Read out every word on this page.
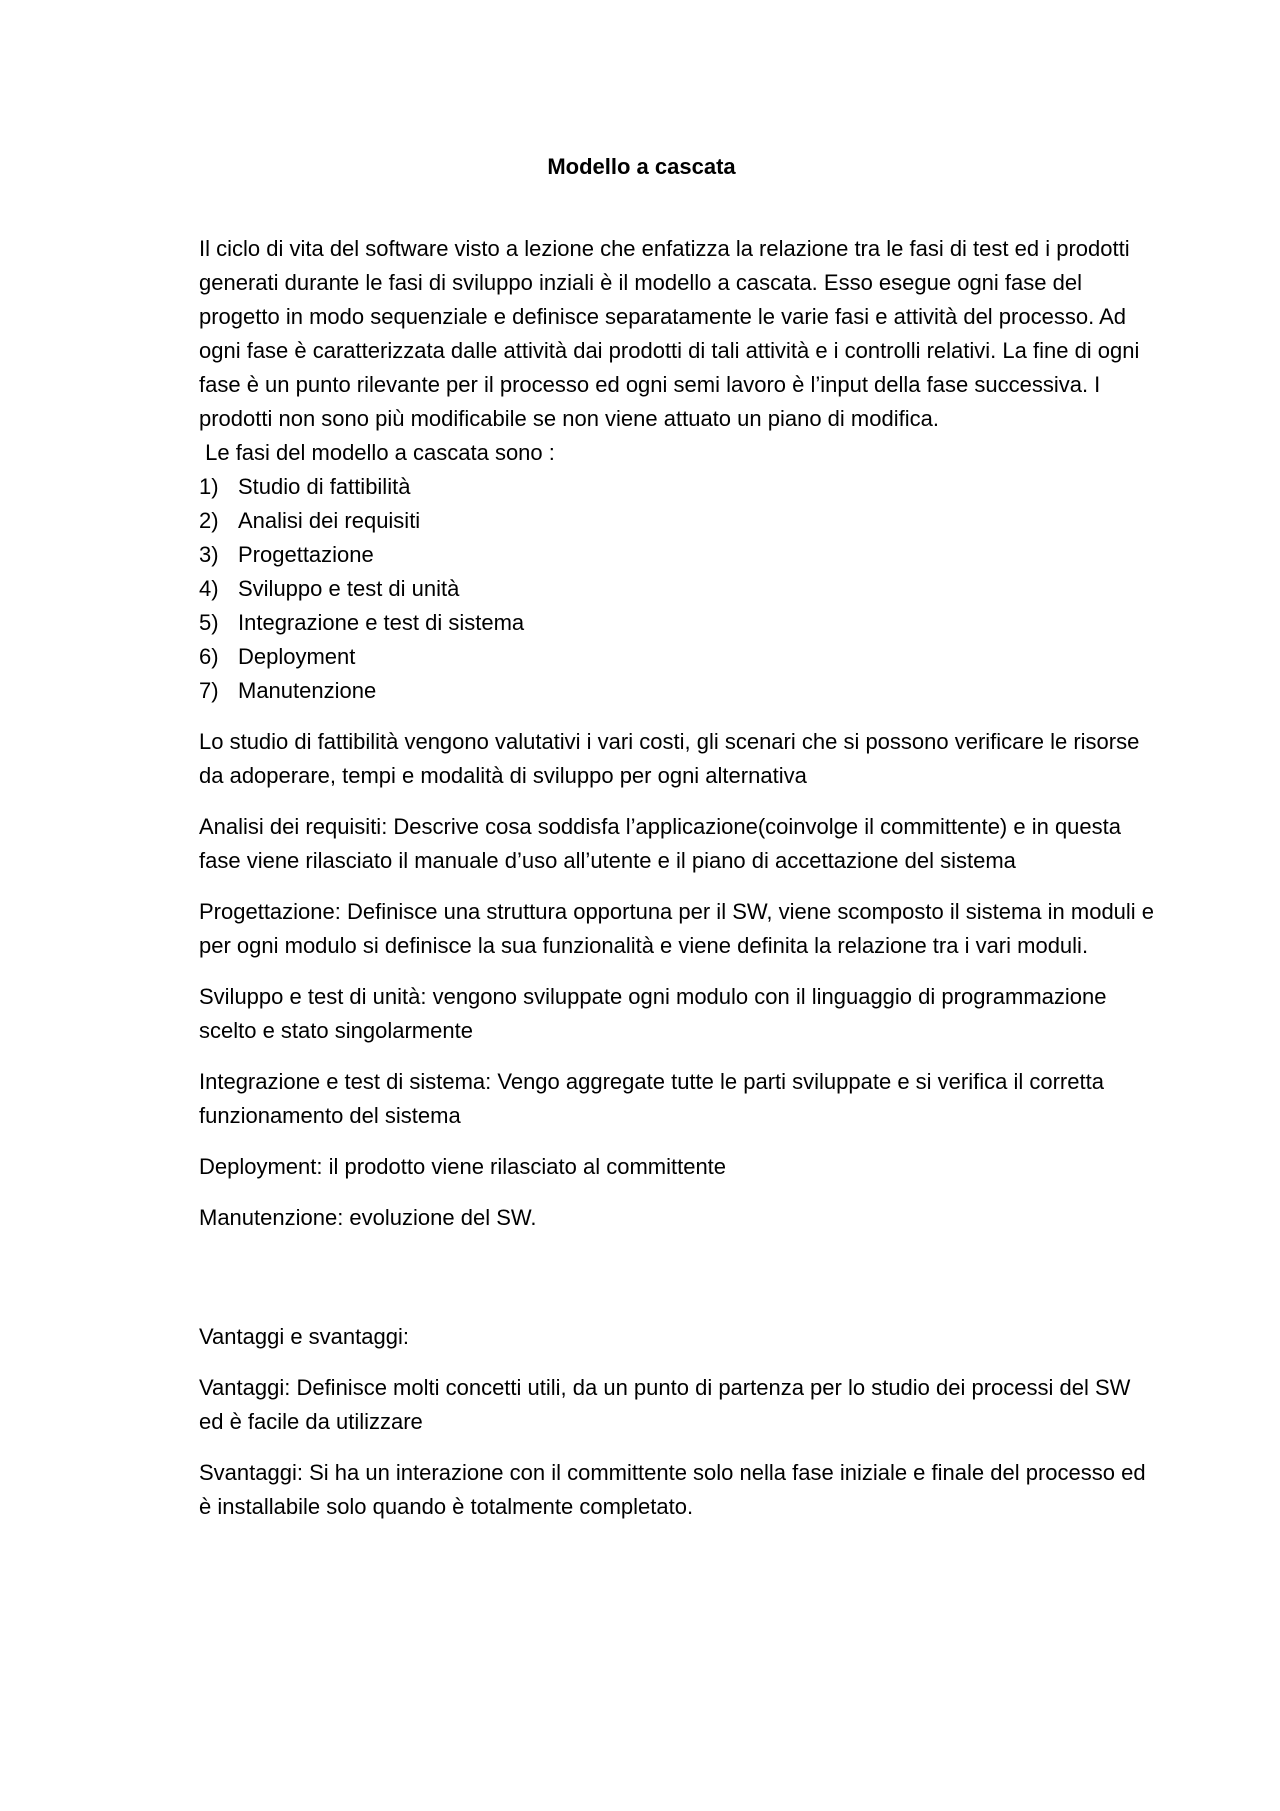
Modello a cascata

Il ciclo di vita del software visto a lezione che enfatizza la relazione tra le fasi di test ed i prodotti generati durante le fasi di sviluppo inziali è il modello a cascata. Esso esegue ogni fase del progetto in modo sequenziale e definisce separatamente le varie fasi e attività del processo. Ad ogni fase è caratterizzata dalle attività dai prodotti di tali attività e i controlli relativi. La fine di ogni fase è un punto rilevante per il processo ed ogni semi lavoro è l’input della fase successiva. I prodotti non sono più modificabile se non viene attuato un piano di modifica.

Le fasi del modello a cascata sono :

1) Studio di fattibilità
2) Analisi dei requisiti
3) Progettazione
4) Sviluppo e test di unità
5) Integrazione e test di sistema
6) Deployment
7) Manutenzione

Lo studio di fattibilità vengono valutativi i vari costi, gli scenari che si possono verificare le risorse da adoperare, tempi e modalità di sviluppo per ogni alternativa

Analisi dei requisiti: Descrive cosa soddisfa l’applicazione(coinvolge il committente) e in questa fase viene rilasciato il manuale d’uso all’utente e il piano di accettazione del sistema

Progettazione: Definisce una struttura opportuna per il SW, viene scomposto il sistema in moduli e per ogni modulo si definisce la sua funzionalità e viene definita la relazione tra i vari moduli.

Sviluppo e test di unità: vengono sviluppate ogni modulo con il linguaggio di programmazione scelto e stato singolarmente

Integrazione e test di sistema: Vengo aggregate tutte le parti sviluppate e si verifica il corretta funzionamento del sistema

Deployment: il prodotto viene rilasciato al committente

Manutenzione: evoluzione del SW.

Vantaggi e svantaggi:

Vantaggi: Definisce molti concetti utili, da un punto di partenza per lo studio dei processi del SW ed è facile da utilizzare

Svantaggi: Si ha un interazione con il committente solo nella fase iniziale e finale del processo ed è installabile solo quando è totalmente completato.
